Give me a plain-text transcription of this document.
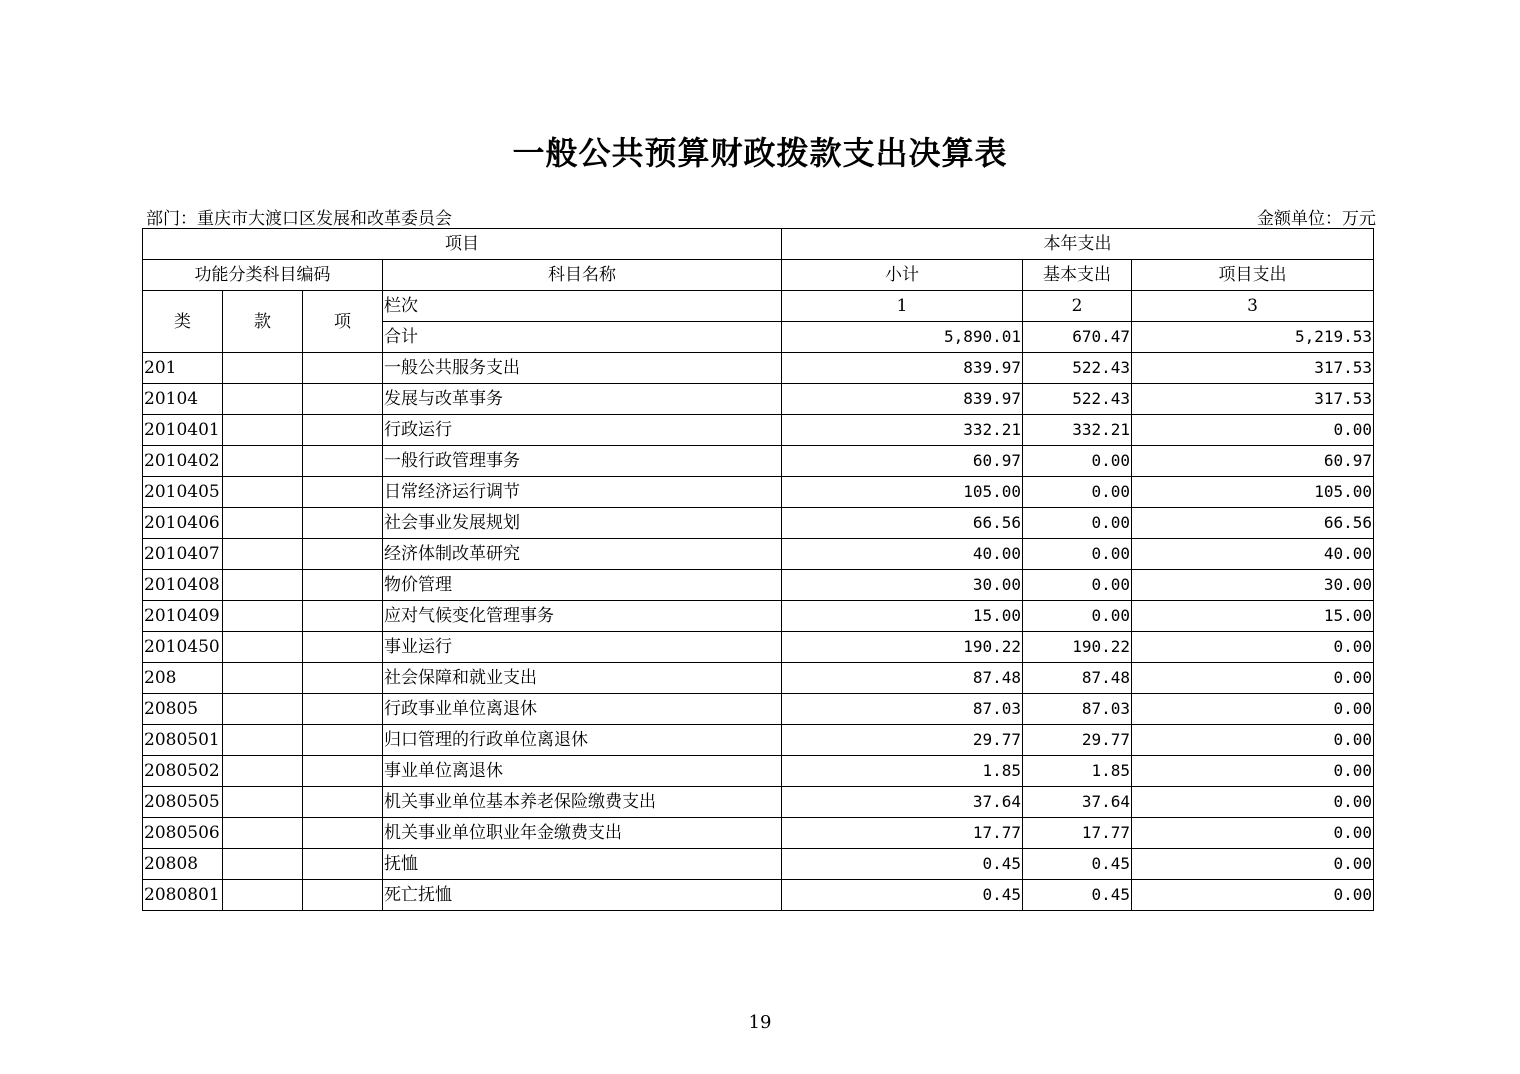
一般公共预算财政拨款支出决算表
部门：重庆市大渡口区发展和改革委员会	金额单位：万元
项目				本年支出		
功能分类科目编码			科目名称	小计	基本支出	项目支出
类	款	项	栏次	1	2	3
			合计	5,890.01	670.47	5,219.53
201			一般公共服务支出	839.97	522.43	317.53
20104			发展与改革事务	839.97	522.43	317.53
2010401			行政运行	332.21	332.21	0.00
2010402			一般行政管理事务	60.97	0.00	60.97
2010405			日常经济运行调节	105.00	0.00	105.00
2010406			社会事业发展规划	66.56	0.00	66.56
2010407			经济体制改革研究	40.00	0.00	40.00
2010408			物价管理	30.00	0.00	30.00
2010409			应对气候变化管理事务	15.00	0.00	15.00
2010450			事业运行	190.22	190.22	0.00
208			社会保障和就业支出	87.48	87.48	0.00
20805			行政事业单位离退休	87.03	87.03	0.00
2080501			归口管理的行政单位离退休	29.77	29.77	0.00
2080502			事业单位离退休	1.85	1.85	0.00
2080505			机关事业单位基本养老保险缴费支出	37.64	37.64	0.00
2080506			机关事业单位职业年金缴费支出	17.77	17.77	0.00
20808			抚恤	0.45	0.45	0.00
2080801			死亡抚恤	0.45	0.45	0.00
19
